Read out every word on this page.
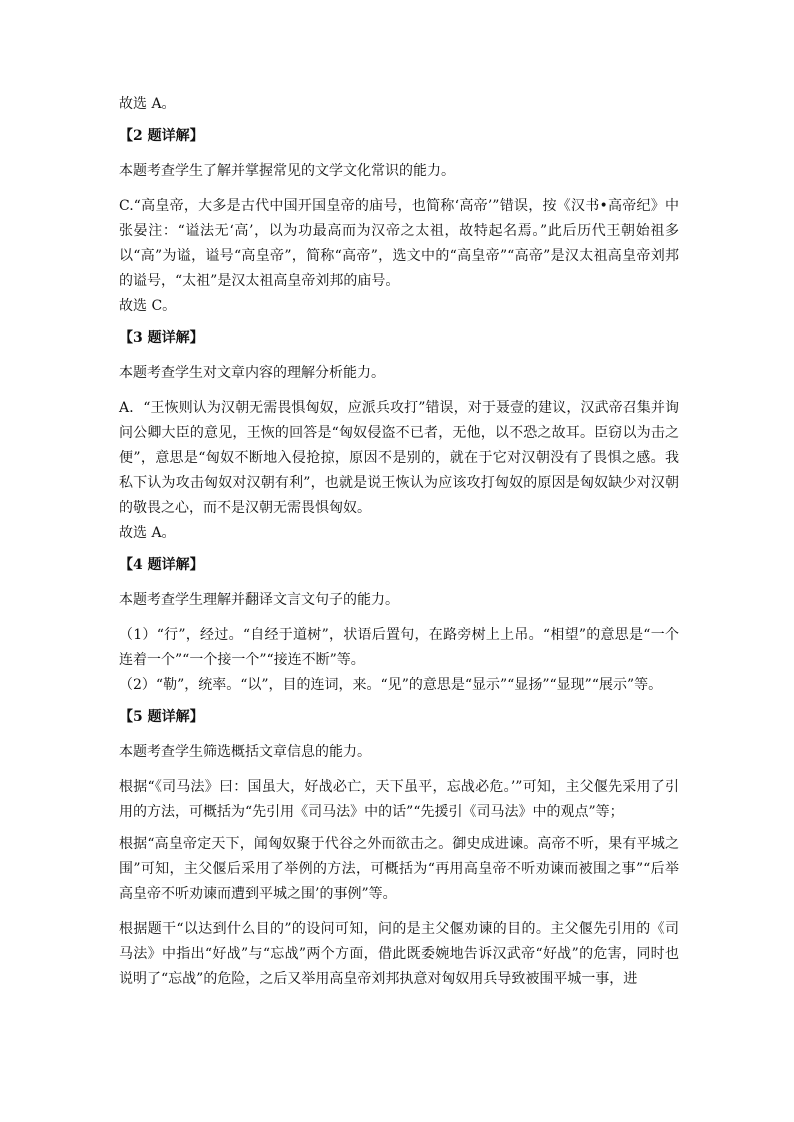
故选 A。

【2 题详解】

本题考查学生了解并掌握常见的文学文化常识的能力。

C.“高皇帝，大多是古代中国开国皇帝的庙号，也简称‘高帝’”错误，按《汉书•高帝纪》中张晏注：“谥法无‘高’，以为功最高而为汉帝之太祖，故特起名焉。”此后历代王朝始祖多以“高”为谥，谥号“高皇帝”，简称“高帝”，选文中的“高皇帝”“高帝”是汉太祖高皇帝刘邦的谥号，“太祖”是汉太祖高皇帝刘邦的庙号。

故选 C。

【3 题详解】

本题考查学生对文章内容的理解分析能力。

A．“王恢则认为汉朝无需畏惧匈奴，应派兵攻打”错误，对于聂壹的建议，汉武帝召集并询问公卿大臣的意见，王恢的回答是“匈奴侵盗不已者，无他，以不恐之故耳。臣窃以为击之便”，意思是“匈奴不断地入侵抢掠，原因不是别的，就在于它对汉朝没有了畏惧之感。我私下认为攻击匈奴对汉朝有利”，也就是说王恢认为应该攻打匈奴的原因是匈奴缺少对汉朝的敬畏之心，而不是汉朝无需畏惧匈奴。

故选 A。

【4 题详解】

本题考查学生理解并翻译文言文句子的能力。

（1）“行”，经过。“自经于道树”，状语后置句，在路旁树上上吊。“相望”的意思是“一个连着一个”“一个接一个”“接连不断”等。

（2）“勒”，统率。“以”，目的连词，来。“见”的意思是“显示”“显扬”“显现”“展示”等。

【5 题详解】

本题考查学生筛选概括文章信息的能力。

根据“《司马法》曰：国虽大，好战必亡，天下虽平，忘战必危。’”可知，主父偃先采用了引用的方法，可概括为“先引用《司马法》中的话”“先援引《司马法》中的观点”等；

根据“高皇帝定天下，闻匈奴聚于代谷之外而欲击之。御史成进谏。高帝不听，果有平城之围”可知，主父偃后采用了举例的方法，可概括为“再用高皇帝不听劝谏而被围之事”“后举高皇帝不听劝谏而遭到平城之围’的事例”等。

根据题干“以达到什么目的”的设问可知，问的是主父偃劝谏的目的。主父偃先引用的《司马法》中指出“好战”与“忘战”两个方面，借此既委婉地告诉汉武帝“好战”的危害，同时也说明了“忘战”的危险，之后又举用高皇帝刘邦执意对匈奴用兵导致被围平城一事，进
